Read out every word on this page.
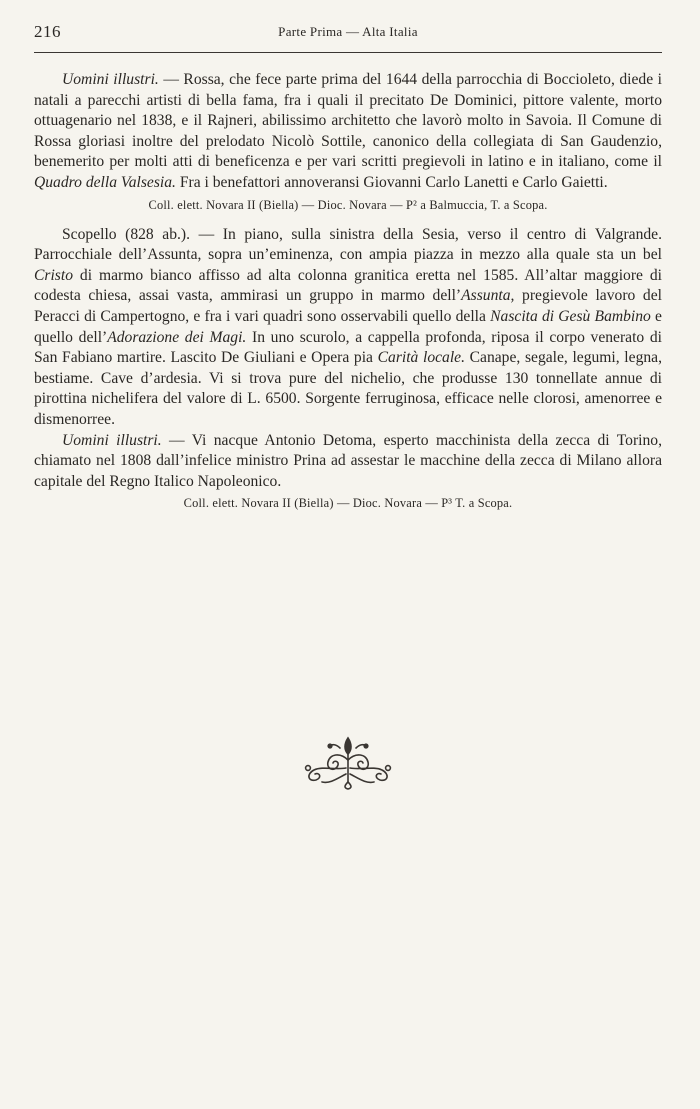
216	Parte Prima — Alta Italia

Uomini illustri. — Rossa, che fece parte prima del 1644 della parrocchia di Boccioleto, diede i natali a parecchi artisti di bella fama, fra i quali il precitato De Dominici, pittore valente, morto ottuagenario nel 1838, e il Rajneri, abilissimo architetto che lavorò molto in Savoia. Il Comune di Rossa gloriasi inoltre del prelodato Nicolò Sottile, canonico della collegiata di San Gaudenzio, benemerito per molti atti di beneficenza e per vari scritti pregievoli in latino e in italiano, come il Quadro della Valsesia. Fra i benefattori annoveransi Giovanni Carlo Lanetti e Carlo Gaietti.

Coll. elett. Novara II (Biella) — Dioc. Novara — P² a Balmuccia, T. a Scopa.

Scopello (828 ab.). — In piano, sulla sinistra della Sesia, verso il centro di Valgrande. Parrocchiale dell’Assunta, sopra un’eminenza, con ampia piazza in mezzo alla quale sta un bel Cristo di marmo bianco affisso ad alta colonna granitica eretta nel 1585. All’altar maggiore di codesta chiesa, assai vasta, ammirasi un gruppo in marmo dell’Assunta, pregievole lavoro del Peracci di Campertogno, e fra i vari quadri sono osservabili quello della Nascita di Gesù Bambino e quello dell’Adorazione dei Magi. In uno scurolo, a cappella profonda, riposa il corpo venerato di San Fabiano martire. Lascito De Giuliani e Opera pia Carità locale. Canape, segale, legumi, legna, bestiame. Cave d’ardesia. Vi si trova pure del nichelio, che produsse 130 tonnellate annue di pirottina nichelifera del valore di L. 6500. Sorgente ferruginosa, efficace nelle clorosi, amenorree e dismenorree.

Uomini illustri. — Vi nacque Antonio Detoma, esperto macchinista della zecca di Torino, chiamato nel 1808 dall’infelice ministro Prina ad assestar le macchine della zecca di Milano allora capitale del Regno Italico Napoleonico.

Coll. elett. Novara II (Biella) — Dioc. Novara — P³ T. a Scopa.
